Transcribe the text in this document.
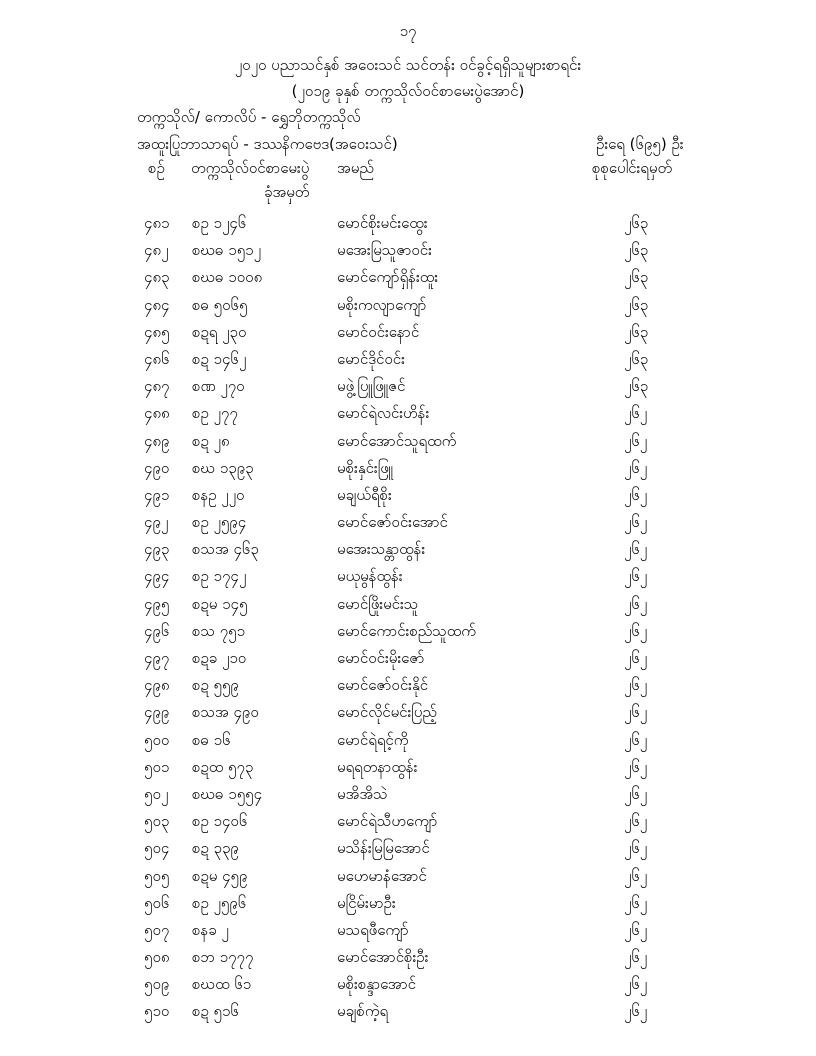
၁၇
၂၀၂၀ ပညာသင်နှစ် အဝေးသင် သင်တန်း ဝင်ခွင့်ရရှိသူများစာရင်း
(၂၀၁၉ ခုနှစ် တက္ကသိုလ်ဝင်စာမေးပွဲအောင်)
တက္ကသိုလ်/ ကောလိပ် - ရွှေဘိုတက္ကသိုလ်
အထူးပြုဘာသာရပ် - ဒဿနိကဗေဒ(အဝေးသင်)	ဦးရေ (၆၉၅) ဦး
စဉ် တက္ကသိုလ်ဝင်စာမေးပွဲ
ခုံအမှတ်
အမည်	စုစုပေါင်းရမှတ်
၄၈၁ စဥ ၁၂၄၆	မောင်စိုးမင်းထွေး	၂၆၃
၄၈၂ စဃဓ ၁၅၁၂	မအေးမြသူဇာဝင်း	၂၆၃
၄၈၃ စဃဓ ၁၀၀၈	မောင်ကျော်ရှိန်းထူး	၂၆၃
၄၈၄ စဓ ၅၀၆၅	မစိုးကလျာကျော်	၂၆၃
၄၈၅ စဍရ ၂၃၀	မောင်ဝင်းနောင်	၂၆၃
၄၈၆ စဍ ၁၄၆၂	မောင်ဒိုင်ဝင်း	၂၆၃
၄၈၇ စဏ ၂၇၀	မဖွဲ့ပြူဖြူဇင်	၂၆၃
၄၈၈ စဥ ၂၇၇	မောင်ရဲလင်းဟိန်း	၂၆၂
၄၈၉ စဍ ၂၈	မောင်အောင်သူရထက်	၂၆၂
၄၉၀ စဃ ၁၃၉၃	မစိုးနှင်းဖြူ	၂၆၂
၄၉၁ စနဥ ၂၂၀	မချယ်ရီစိုး	၂၆၂
၄၉၂ စဥ ၂၅၉၄	မောင်ဇော်ဝင်းအောင်	၂၆၂
၄၉၃ စသအ ၄၆၃	မအေးသန္တာထွန်း	၂၆၂
၄၉၄ စဥ ၁၇၄၂	မယုမွန်ထွန်း	၂၆၂
၄၉၅ စဍမ ၁၄၅	မောင်ဖြိုးမင်းသူ	၂၆၂
၄၉၆ စသ ၇၅၁	မောင်ကောင်းစည်သူထက်	၂၆၂
၄၉၇ စဍခ ၂၁၀	မောင်ဝင်းမိုးဇော်	၂၆၂
၄၉၈ စဍ ၅၅၉	မောင်ဇော်ဝင်းနိုင်	၂၆၂
၄၉၉ စသအ ၄၉၀	မောင်လိုင်မင်းပြည့်	၂၆၂
၅၀၀ စဓ ၁၆	မောင်ရဲရင့်ကို	၂၆၂
၅၀၁ စဍထ ၅၇၃	မရရတနာထွန်း	၂၆၂
၅၀၂ စဃဓ ၁၅၅၄	မအိအိသဲ	၂၆၂
၅၀၃ စဥ ၁၄၀၆	မောင်ရဲသီဟကျော်	၂၆၂
၅၀၄ စဍ ၃၃၉	မသိန်းမြမြအောင်	၂၆၂
၅၀၅ စဍမ ၄၅၉	မဟေမာနံအောင်	၂၆၂
၅၀၆ စဥ ၂၅၉၆	မငြိမ်းမာဦး	၂၆၂
၅၀၇ စနခ ၂	မသရဖီကျော်	၂၆၂
၅၀၈ စဘ ၁၇၇၇	မောင်အောင်စိုးဦး	၂၆၂
၅၀၉ စဃထ ၆၁	မစိုးစန္ဒာအောင်	၂၆၂
၅၁၀ စဍ ၅၁၆	မချစ်ကဲ့ရ	၂၆၂
